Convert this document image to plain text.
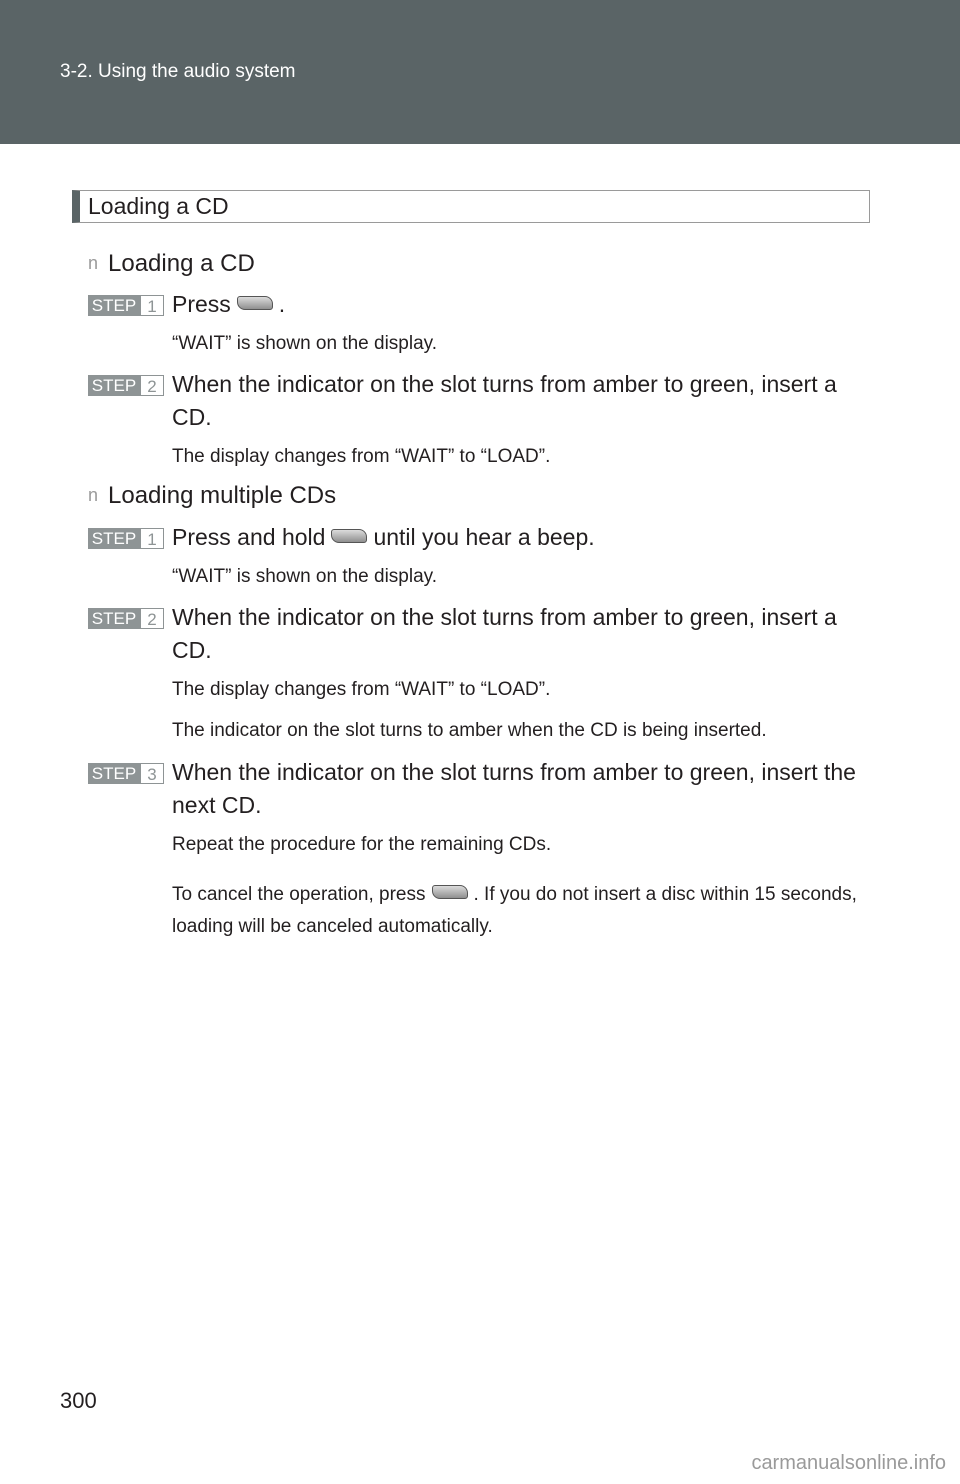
3-2. Using the audio system
Loading a CD
n Loading a CD
STEP 1 Press .
“WAIT” is shown on the display.
STEP 2 When the indicator on the slot turns from amber to green, insert a CD.
The display changes from “WAIT” to “LOAD”.
n Loading multiple CDs
STEP 1 Press and hold until you hear a beep.
“WAIT” is shown on the display.
STEP 2 When the indicator on the slot turns from amber to green, insert a CD.
The display changes from “WAIT” to “LOAD”.
The indicator on the slot turns to amber when the CD is being inserted.
STEP 3 When the indicator on the slot turns from amber to green, insert the next CD.
Repeat the procedure for the remaining CDs.
To cancel the operation, press	. If you do not insert a disc within 15 seconds, loading will be canceled automatically.
300
carmanualsonline.info
